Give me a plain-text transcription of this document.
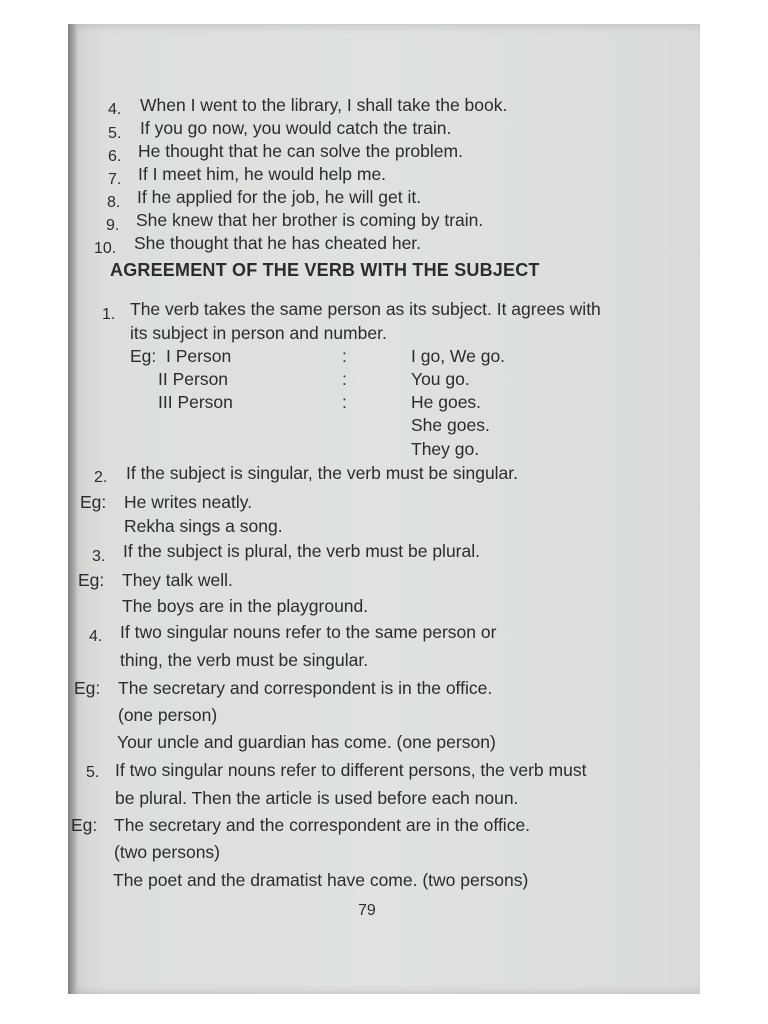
4. When I went to the library, I shall take the book.
5. If you go now, you would catch the train.
6. He thought that he can solve the problem.
7. If I meet him, he would help me.
8. If he applied for the job, he will get it.
9. She knew that her brother is coming by train.
10. She thought that he has cheated her.
AGREEMENT OF THE VERB WITH THE SUBJECT
1. The verb takes the same person as its subject. It agrees with
its subject in person and number.
Eg: I Person	:	I go, We go.
II Person	:	You go.
III Person	:	He goes.
She goes.
They go.
2. If the subject is singular, the verb must be singular.
Eg: He writes neatly.
Rekha sings a song.
3. If the subject is plural, the verb must be plural.
Eg: They talk well.
The boys are in the playground.
4. If two singular nouns refer to the same person or
thing, the verb must be singular.
Eg: The secretary and correspondent is in the office.
(one person)
Your uncle and guardian has come. (one person)
5. If two singular nouns refer to different persons, the verb must
be plural. Then the article is used before each noun.
Eg: The secretary and the correspondent are in the office.
(two persons)
The poet and the dramatist have come. (two persons)
79
